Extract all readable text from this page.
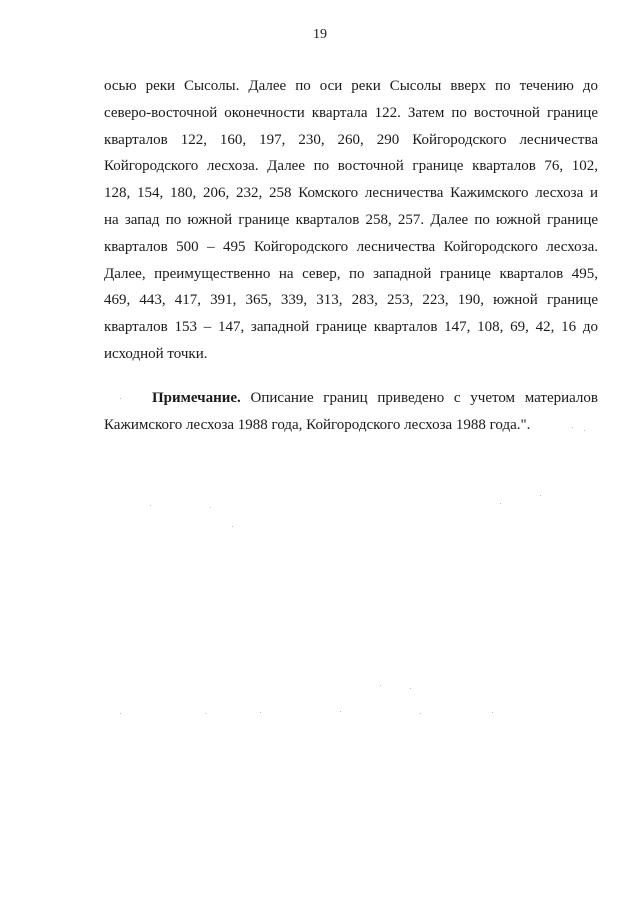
19
осью реки Сысолы. Далее по оси реки Сысолы вверх по течению до
северо-восточной оконечности квартала 122. Затем по восточной границе
кварталов 122, 160, 197, 230, 260, 290 Койгородского лесничества
Койгородского лесхоза. Далее по восточной границе кварталов 76, 102,
128, 154, 180, 206, 232, 258 Комского лесничества Кажимского лесхоза и
на запад по южной границе кварталов 258, 257. Далее по южной границе
кварталов 500 – 495 Койгородского лесничества Койгородского лесхоза.
Далее, преимущественно на север, по западной границе кварталов 495,
469, 443, 417, 391, 365, 339, 313, 283, 253, 223, 190, южной границе
кварталов 153 – 147, западной границе кварталов 147, 108, 69, 42, 16 до
исходной точки.
Примечание. Описание границ приведено с учетом материалов
Кажимского лесхоза 1988 года, Койгородского лесхоза 1988 года.".
